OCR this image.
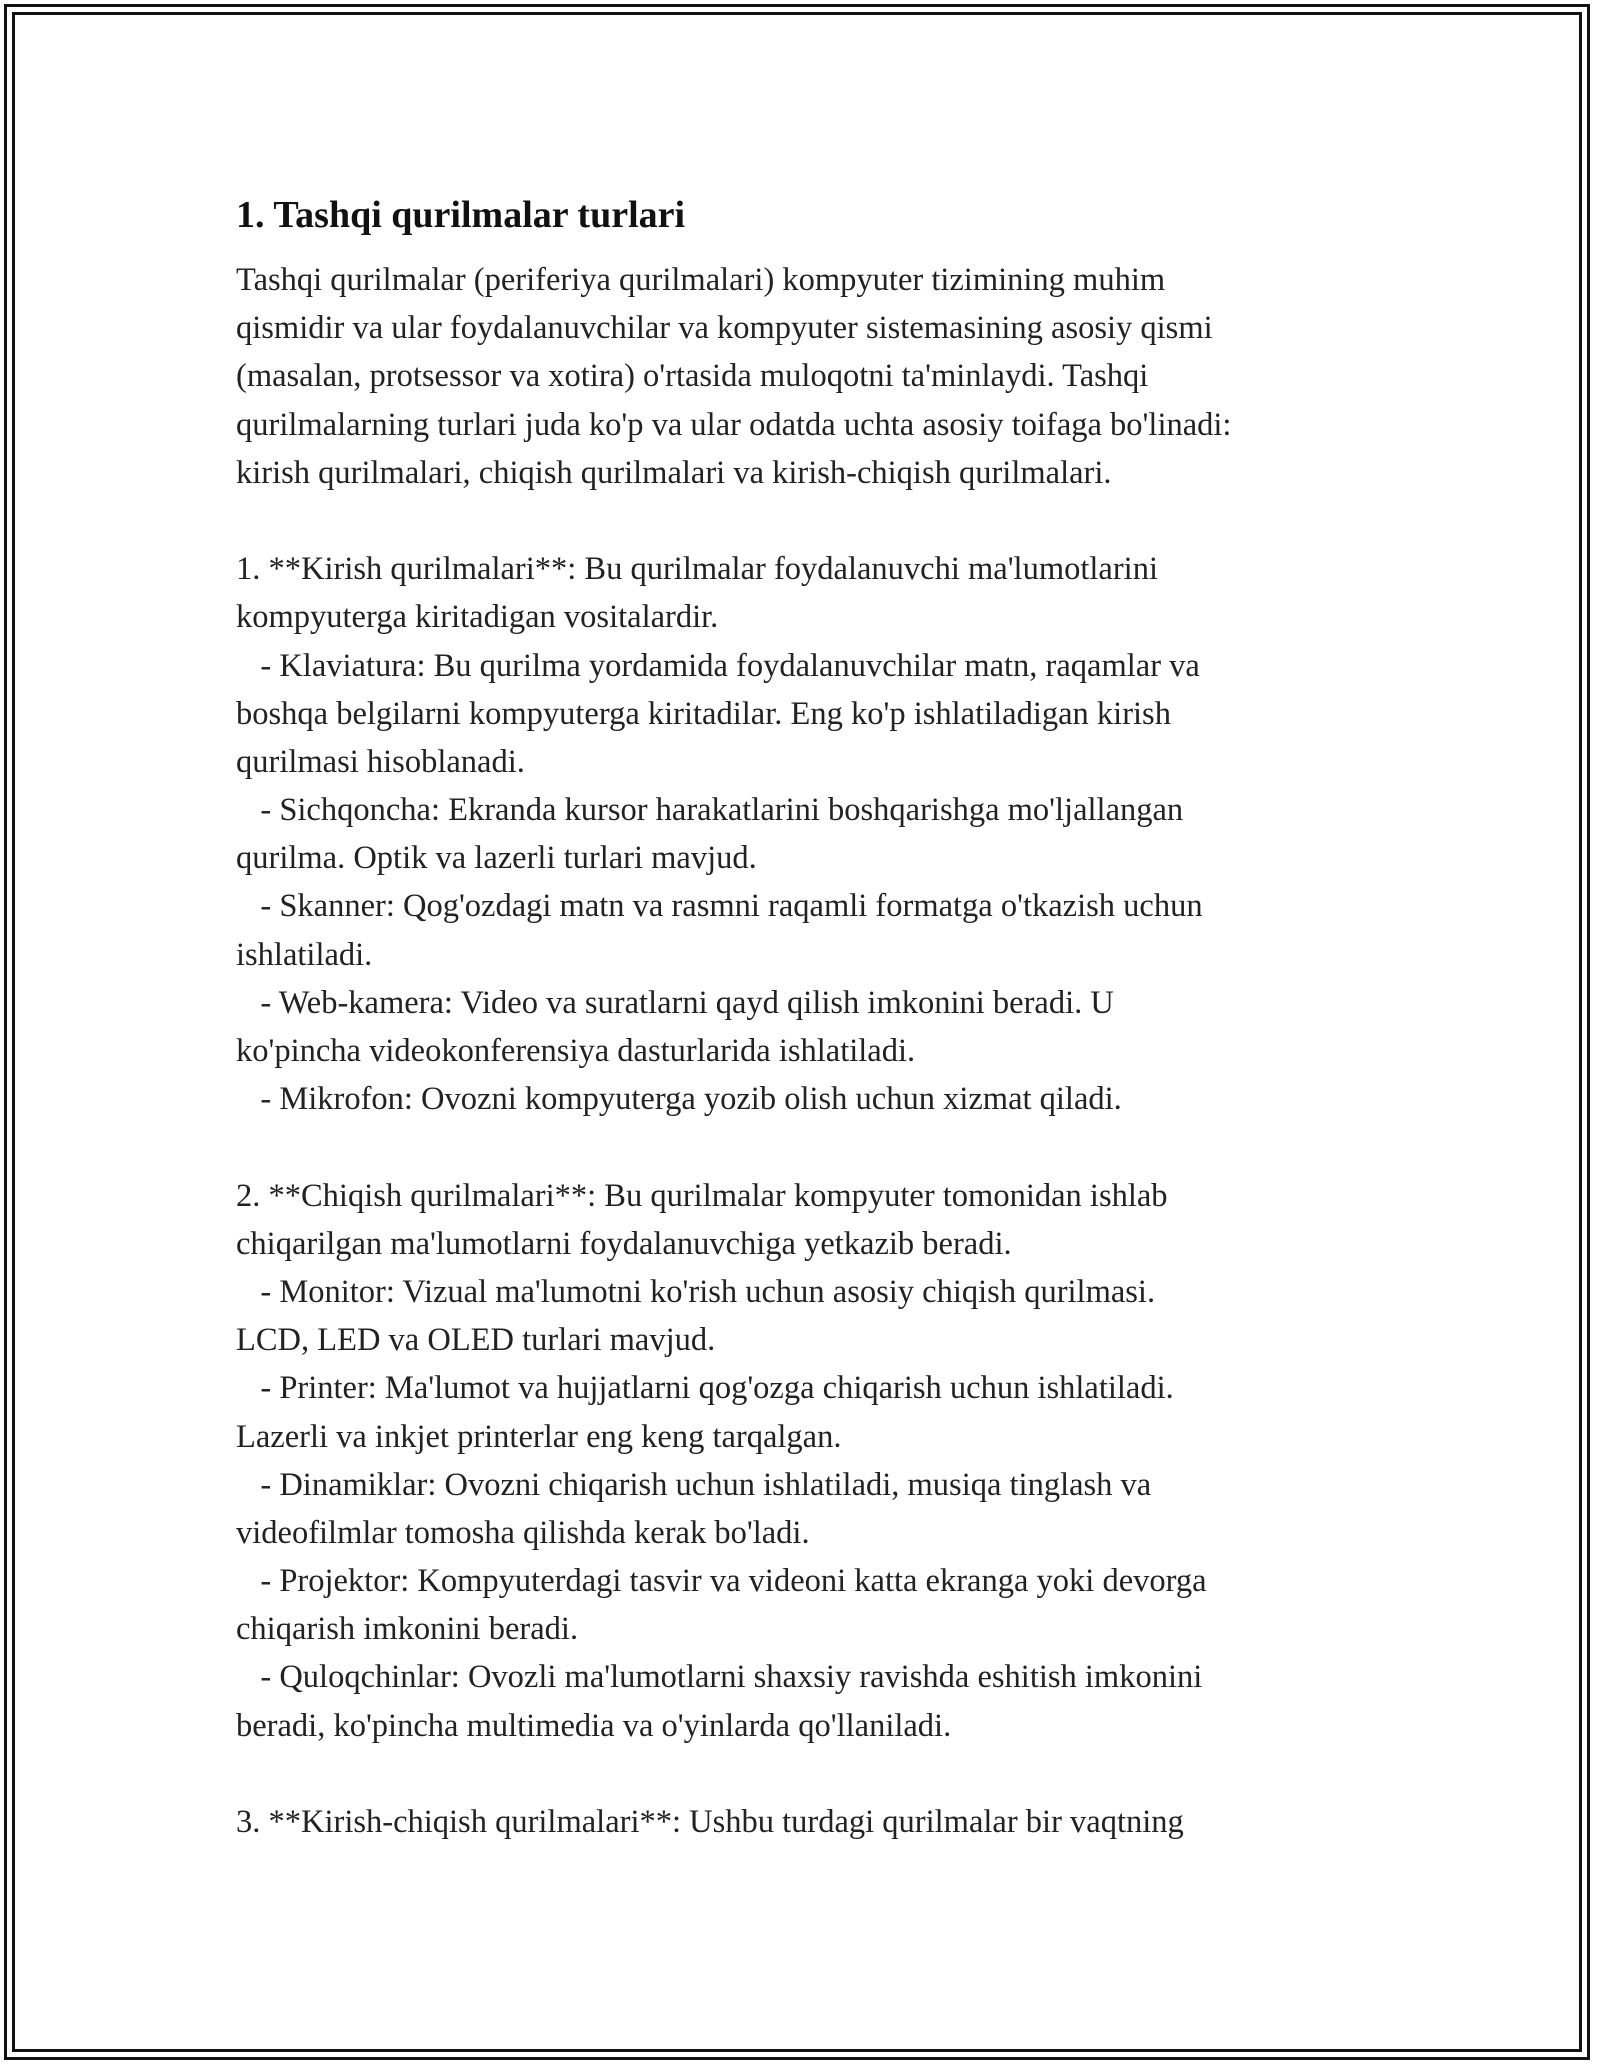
1. Tashqi qurilmalar turlari
Tashqi qurilmalar (periferiya qurilmalari) kompyuter tizimining muhim
qismidir va ular foydalanuvchilar va kompyuter sistemasining asosiy qismi
(masalan, protsessor va xotira) o'rtasida muloqotni ta'minlaydi. Tashqi
qurilmalarning turlari juda ko'p va ular odatda uchta asosiy toifaga bo'linadi:
kirish qurilmalari, chiqish qurilmalari va kirish-chiqish qurilmalari.
1. **Kirish qurilmalari**: Bu qurilmalar foydalanuvchi ma'lumotlarini
kompyuterga kiritadigan vositalardir.
- Klaviatura: Bu qurilma yordamida foydalanuvchilar matn, raqamlar va
boshqa belgilarni kompyuterga kiritadilar. Eng ko'p ishlatiladigan kirish
qurilmasi hisoblanadi.
- Sichqoncha: Ekranda kursor harakatlarini boshqarishga mo'ljallangan
qurilma. Optik va lazerli turlari mavjud.
- Skanner: Qog'ozdagi matn va rasmni raqamli formatga o'tkazish uchun
ishlatiladi.
- Web-kamera: Video va suratlarni qayd qilish imkonini beradi. U
ko'pincha videokonferensiya dasturlarida ishlatiladi.
- Mikrofon: Ovozni kompyuterga yozib olish uchun xizmat qiladi.
2. **Chiqish qurilmalari**: Bu qurilmalar kompyuter tomonidan ishlab
chiqarilgan ma'lumotlarni foydalanuvchiga yetkazib beradi.
- Monitor: Vizual ma'lumotni ko'rish uchun asosiy chiqish qurilmasi.
LCD, LED va OLED turlari mavjud.
- Printer: Ma'lumot va hujjatlarni qog'ozga chiqarish uchun ishlatiladi.
Lazerli va inkjet printerlar eng keng tarqalgan.
- Dinamiklar: Ovozni chiqarish uchun ishlatiladi, musiqa tinglash va
videofilmlar tomosha qilishda kerak bo'ladi.
- Projektor: Kompyuterdagi tasvir va videoni katta ekranga yoki devorga
chiqarish imkonini beradi.
- Quloqchinlar: Ovozli ma'lumotlarni shaxsiy ravishda eshitish imkonini
beradi, ko'pincha multimedia va o'yinlarda qo'llaniladi.
3. **Kirish-chiqish qurilmalari**: Ushbu turdagi qurilmalar bir vaqtning
